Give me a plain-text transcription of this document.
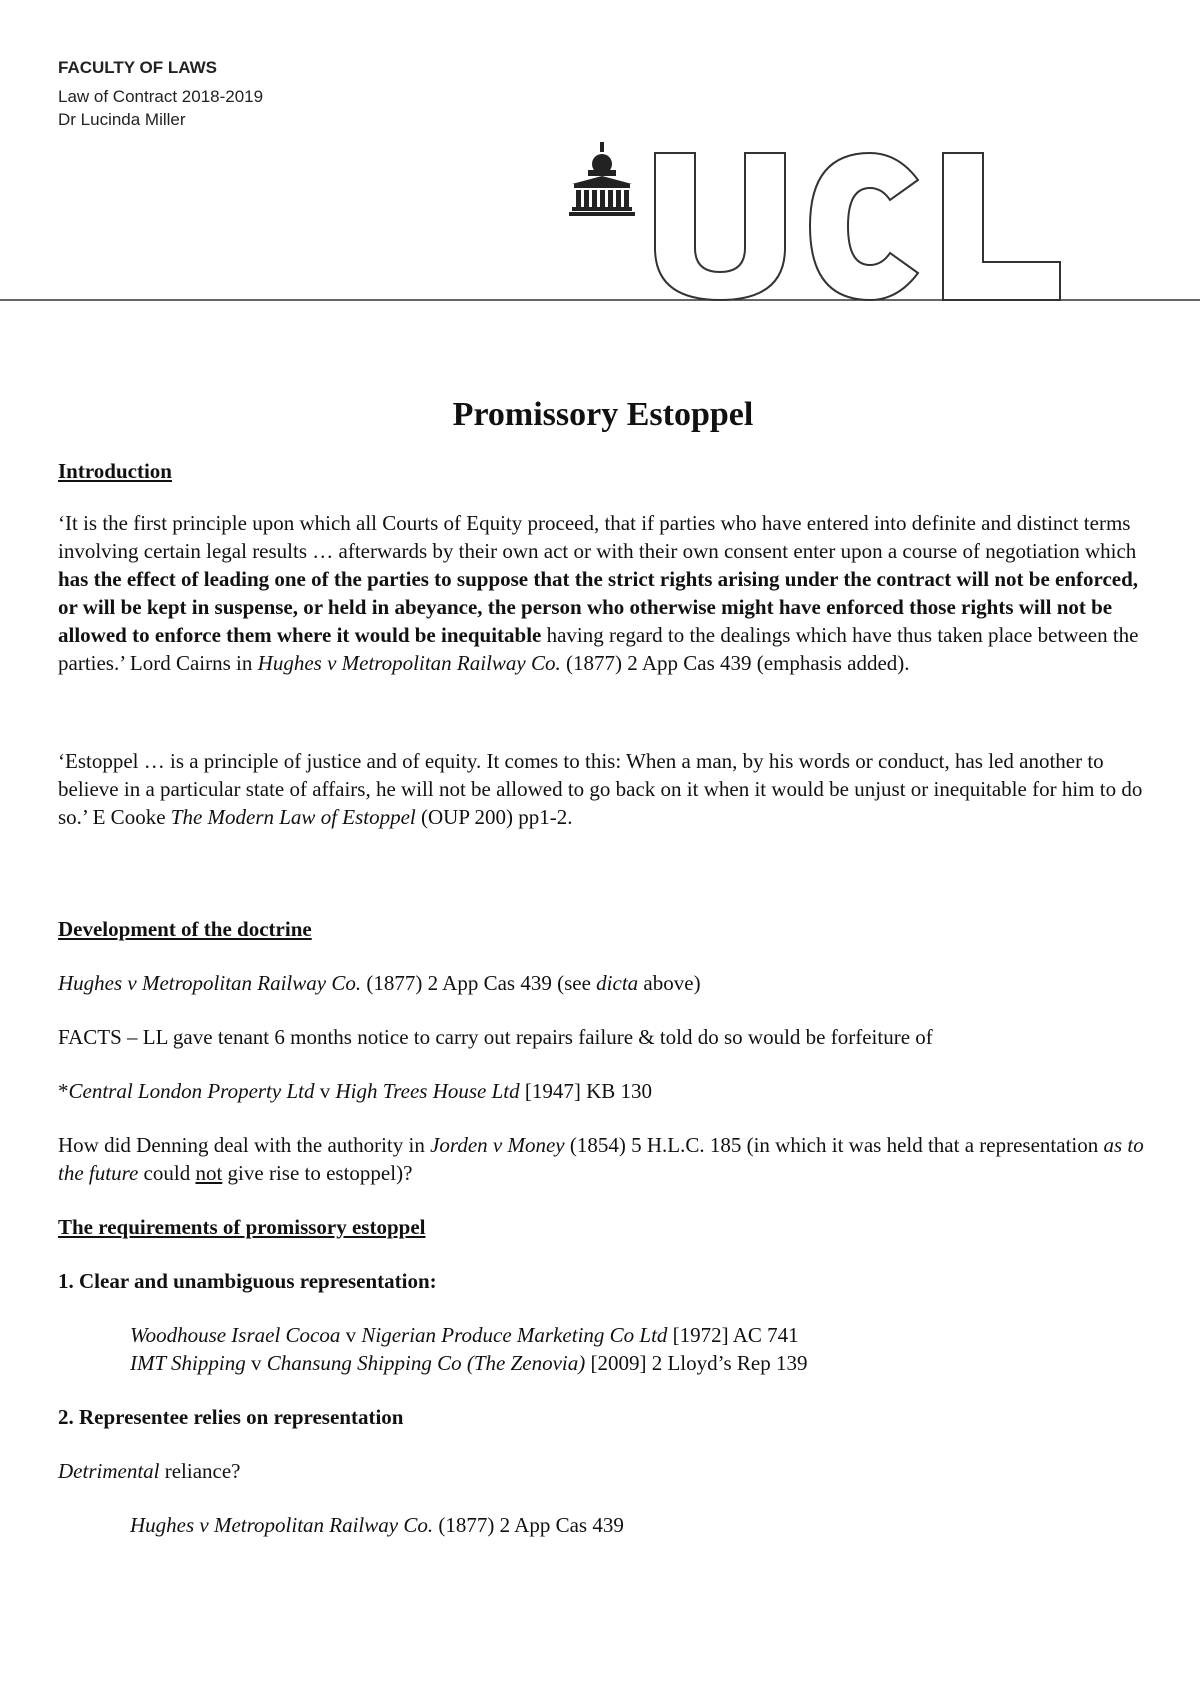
FACULTY OF LAWS
Law of Contract 2018-2019
Dr Lucinda Miller
Promissory Estoppel
Introduction

‘It is the first principle upon which all Courts of Equity proceed, that if parties who have entered into definite and distinct terms involving certain legal results … afterwards by their own act or with their own consent enter upon a course of negotiation which has the effect of leading one of the parties to suppose that the strict rights arising under the contract will not be enforced, or will be kept in suspense, or held in abeyance, the person who otherwise might have enforced those rights will not be allowed to enforce them where it would be inequitable having regard to the dealings which have thus taken place between the parties.’ Lord Cairns in Hughes v Metropolitan Railway Co. (1877) 2 App Cas 439 (emphasis added).

‘Estoppel … is a principle of justice and of equity. It comes to this: When a man, by his words or conduct, has led another to believe in a particular state of affairs, he will not be allowed to go back on it when it would be unjust or inequitable for him to do so.’ E Cooke The Modern Law of Estoppel (OUP 200) pp1-2.

Development of the doctrine

Hughes v Metropolitan Railway Co. (1877) 2 App Cas 439 (see dicta above)

FACTS – LL gave tenant 6 months notice to carry out repairs failure & told do so would be forfeiture of

*Central London Property Ltd v High Trees House Ltd [1947] KB 130

How did Denning deal with the authority in Jorden v Money (1854) 5 H.L.C. 185 (in which it was held that a representation as to the future could not give rise to estoppel)?

The requirements of promissory estoppel
1. Clear and unambiguous representation:

Woodhouse Israel Cocoa v Nigerian Produce Marketing Co Ltd [1972] AC 741

IMT Shipping v Chansung Shipping Co (The Zenovia) [2009] 2 Lloyd’s Rep 139

2. Representee relies on representation

Detrimental reliance?

Hughes v Metropolitan Railway Co. (1877) 2 App Cas 439
